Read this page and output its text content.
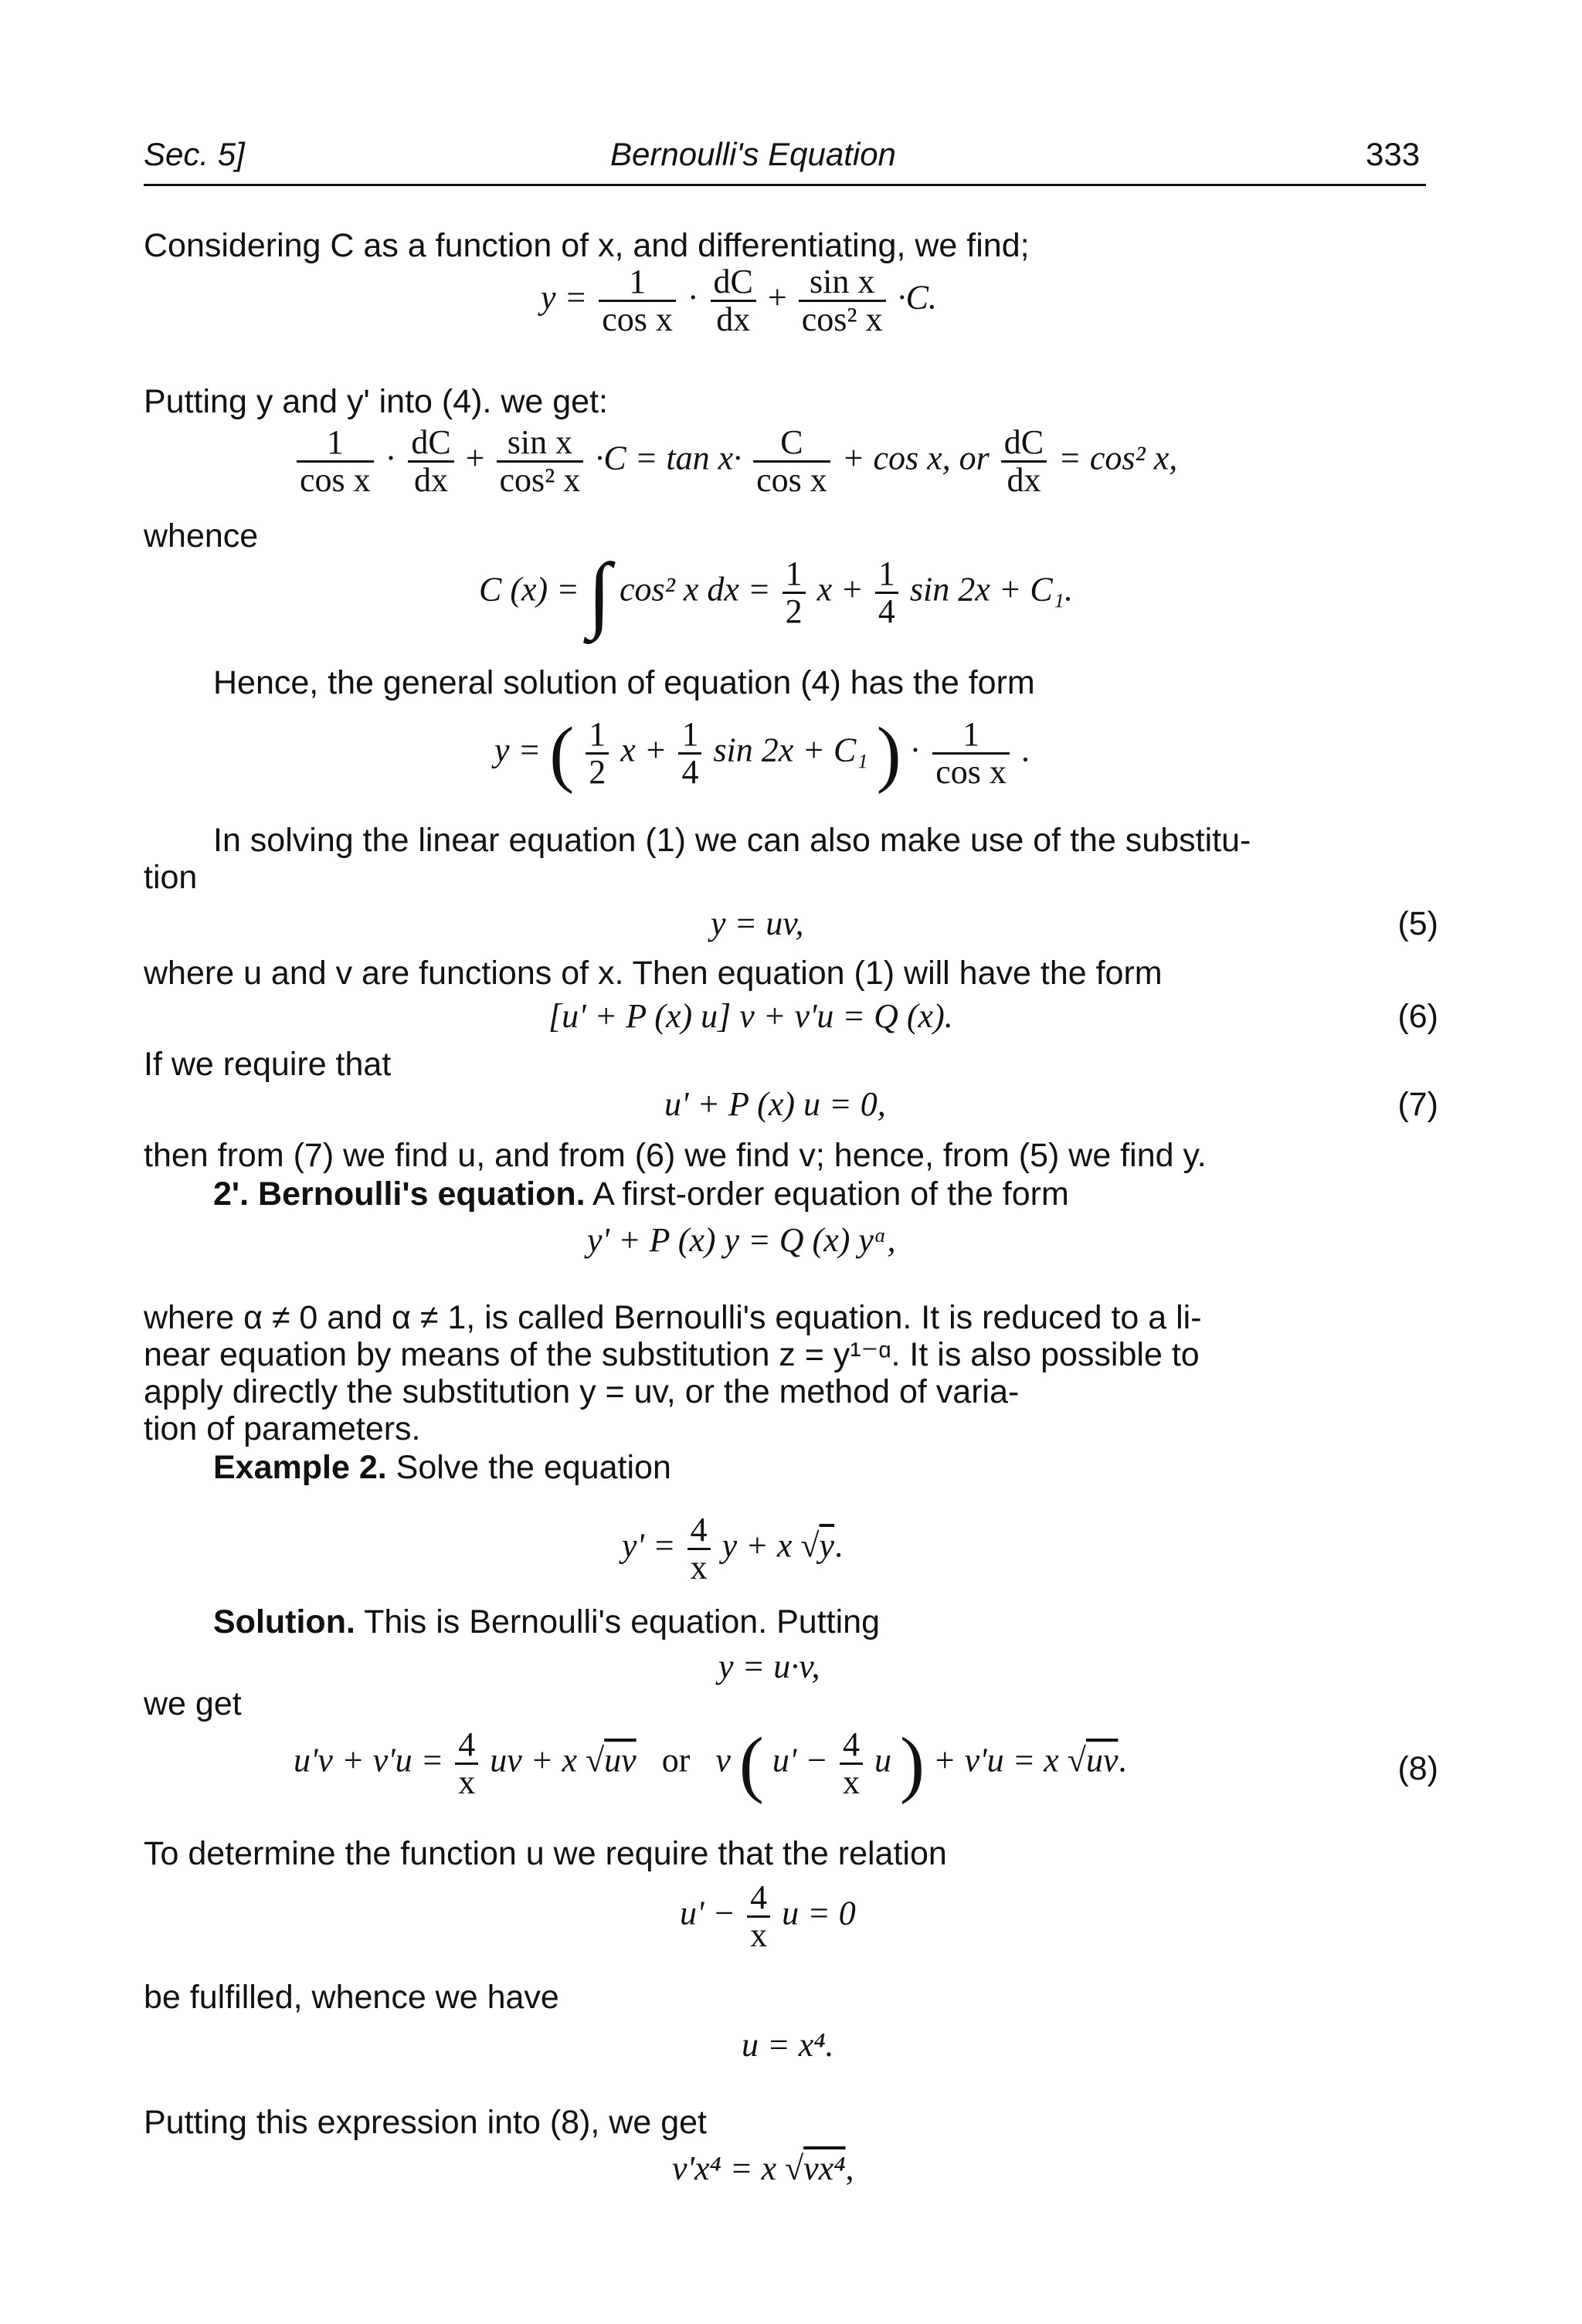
Sec. 5]	Bernoulli's Equation	333
Considering C as a function of x, and differentiating, we find;
$y = \frac{1}{\text{cos x}} \cdot \frac{dC}{dx} + \frac{\text{sin x}}{\text{cos² x}} \cdot C$.
Putting y and y' into (4). we get:
$\frac{1}{\text{cos x}} \cdot \frac{dC}{dx} + \frac{\text{sin x}}{\text{cos² x}} \cdot C = \tan x\cdot \frac{C}{\text{cos x}} + \cos x$, or $\frac{dC}{dx} = \cos^2$ x,
whence
C (x) = ∫ cos² x dx = $\frac{1}{2}$ $x + \frac{1}{4}$ sin 2x + C₁.
Hence, the general solution of equation (4) has the form
y = ( $\frac{1}{2}$ $x + \frac{1}{4}$ sin 2x + C₁ ) · $\frac{1}{\text{cos x}}$ .
In solving the linear equation (1) we can also make use of the substitu-
tion
y = uv,	(5)
where u and v are functions of x. Then equation (1) will have the form
[u' + P (x) u] v + v'u = Q (x).	(6)
If we require that
u' + P (x) u = 0,	(7)
then from (7) we find u, and from (6) we find v; hence, from (5) we find y.
2'. Bernoulli's equation. A first-order equation of the form
y' + P (x) y = Q (x) yᵅ,
where α ≠ 0 and α ≠ 1, is called Bernoulli's equation. It is reduced to a li-
near equation by means of the substitution z = y¹⁻ᵅ. It is also possible to
apply directly the substitution y = uv, or the method of varia-
tion of parameters.
Example 2. Solve the equation
$y' = \frac{4}{x}$ y + x √y.
Solution. This is Bernoulli's equation. Putting
y = u·v,
we get
$u'v + v'u = \frac{4}{x}$ uv + x √uv or v ( $u' - \frac{4}{x}$ u ) + v'u = x √uv.	(8)
To determine the function u we require that the relation
$u' - \frac{4}{x}$ u = 0
be fulfilled, whence we have
u = x⁴.
Putting this expression into (8), we get
v'x⁴ = x √vx⁴,
